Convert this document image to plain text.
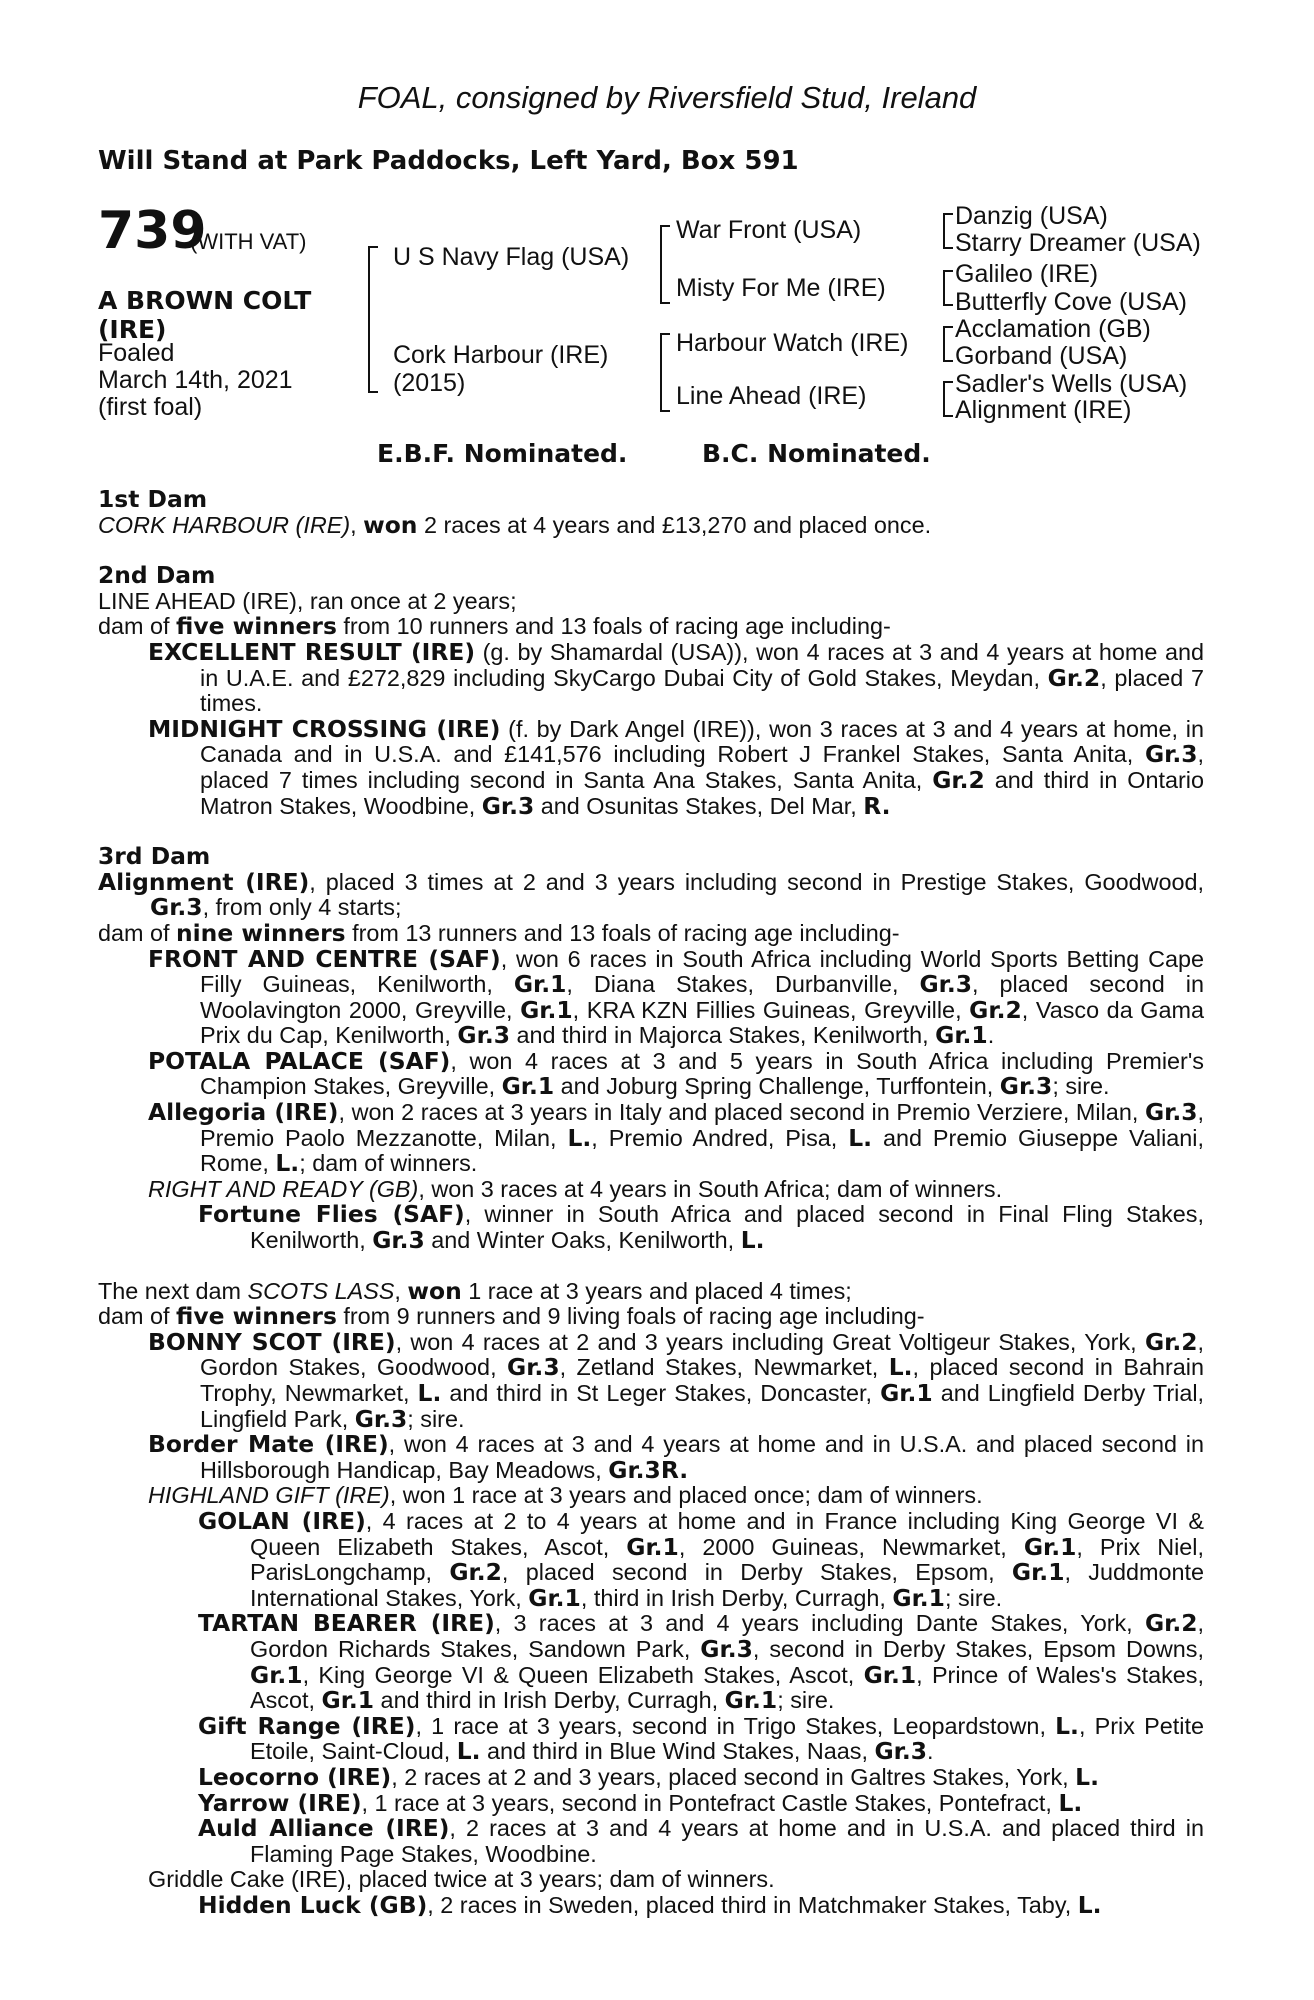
FOAL, consigned by Riversfield Stud, Ireland
Will Stand at Park Paddocks, Left Yard, Box 591
739
(WITH VAT)
A BROWN COLT
(IRE)
Foaled
March 14th, 2021
(first foal)
U S Navy Flag (USA)
Cork Harbour (IRE)
(2015)
War Front (USA)
Misty For Me (IRE)
Harbour Watch (IRE)
Line Ahead (IRE)
Danzig (USA)
Starry Dreamer (USA)
Galileo (IRE)
Butterfly Cove (USA)
Acclamation (GB)
Gorband (USA)
Sadler's Wells (USA)
Alignment (IRE)
E.B.F. Nominated.	B.C. Nominated.

1st Dam

CORK HARBOUR (IRE), won 2 races at 4 years and £13,270 and placed once.

2nd Dam

LINE AHEAD (IRE), ran once at 2 years;

dam of five winners from 10 runners and 13 foals of racing age including-

EXCELLENT RESULT (IRE) (g. by Shamardal (USA)), won 4 races at 3 and 4 years at home and in U.A.E. and £272,829 including SkyCargo Dubai City of Gold Stakes, Meydan, Gr.2, placed 7 times.

MIDNIGHT CROSSING (IRE) (f. by Dark Angel (IRE)), won 3 races at 3 and 4 years at home, in Canada and in U.S.A. and £141,576 including Robert J Frankel Stakes, Santa Anita, Gr.3, placed 7 times including second in Santa Ana Stakes, Santa Anita, Gr.2 and third in Ontario Matron Stakes, Woodbine, Gr.3 and Osunitas Stakes, Del Mar, R.

3rd Dam

Alignment (IRE), placed 3 times at 2 and 3 years including second in Prestige Stakes, Goodwood, Gr.3, from only 4 starts;

dam of nine winners from 13 runners and 13 foals of racing age including-

FRONT AND CENTRE (SAF), won 6 races in South Africa including World Sports Betting Cape Filly Guineas, Kenilworth, Gr.1, Diana Stakes, Durbanville, Gr.3, placed second in Woolavington 2000, Greyville, Gr.1, KRA KZN Fillies Guineas, Greyville, Gr.2, Vasco da Gama Prix du Cap, Kenilworth, Gr.3 and third in Majorca Stakes, Kenilworth, Gr.1.

POTALA PALACE (SAF), won 4 races at 3 and 5 years in South Africa including Premier's Champion Stakes, Greyville, Gr.1 and Joburg Spring Challenge, Turffontein, Gr.3; sire.

Allegoria (IRE), won 2 races at 3 years in Italy and placed second in Premio Verziere, Milan, Gr.3, Premio Paolo Mezzanotte, Milan, L., Premio Andred, Pisa, L. and Premio Giuseppe Valiani, Rome, L.; dam of winners.

RIGHT AND READY (GB), won 3 races at 4 years in South Africa; dam of winners.

Fortune Flies (SAF), winner in South Africa and placed second in Final Fling Stakes, Kenilworth, Gr.3 and Winter Oaks, Kenilworth, L.

The next dam SCOTS LASS, won 1 race at 3 years and placed 4 times;

dam of five winners from 9 runners and 9 living foals of racing age including-

BONNY SCOT (IRE), won 4 races at 2 and 3 years including Great Voltigeur Stakes, York, Gr.2, Gordon Stakes, Goodwood, Gr.3, Zetland Stakes, Newmarket, L., placed second in Bahrain Trophy, Newmarket, L. and third in St Leger Stakes, Doncaster, Gr.1 and Lingfield Derby Trial, Lingfield Park, Gr.3; sire.

Border Mate (IRE), won 4 races at 3 and 4 years at home and in U.S.A. and placed second in Hillsborough Handicap, Bay Meadows, Gr.3R.

HIGHLAND GIFT (IRE), won 1 race at 3 years and placed once; dam of winners.

GOLAN (IRE), 4 races at 2 to 4 years at home and in France including King George VI & Queen Elizabeth Stakes, Ascot, Gr.1, 2000 Guineas, Newmarket, Gr.1, Prix Niel, ParisLongchamp, Gr.2, placed second in Derby Stakes, Epsom, Gr.1, Juddmonte International Stakes, York, Gr.1, third in Irish Derby, Curragh, Gr.1; sire.

TARTAN BEARER (IRE), 3 races at 3 and 4 years including Dante Stakes, York, Gr.2, Gordon Richards Stakes, Sandown Park, Gr.3, second in Derby Stakes, Epsom Downs, Gr.1, King George VI & Queen Elizabeth Stakes, Ascot, Gr.1, Prince of Wales's Stakes, Ascot, Gr.1 and third in Irish Derby, Curragh, Gr.1; sire.

Gift Range (IRE), 1 race at 3 years, second in Trigo Stakes, Leopardstown, L., Prix Petite Etoile, Saint-Cloud, L. and third in Blue Wind Stakes, Naas, Gr.3.

Leocorno (IRE), 2 races at 2 and 3 years, placed second in Galtres Stakes, York, L.

Yarrow (IRE), 1 race at 3 years, second in Pontefract Castle Stakes, Pontefract, L.

Auld Alliance (IRE), 2 races at 3 and 4 years at home and in U.S.A. and placed third in Flaming Page Stakes, Woodbine.

Griddle Cake (IRE), placed twice at 3 years; dam of winners.

Hidden Luck (GB), 2 races in Sweden, placed third in Matchmaker Stakes, Taby, L.
